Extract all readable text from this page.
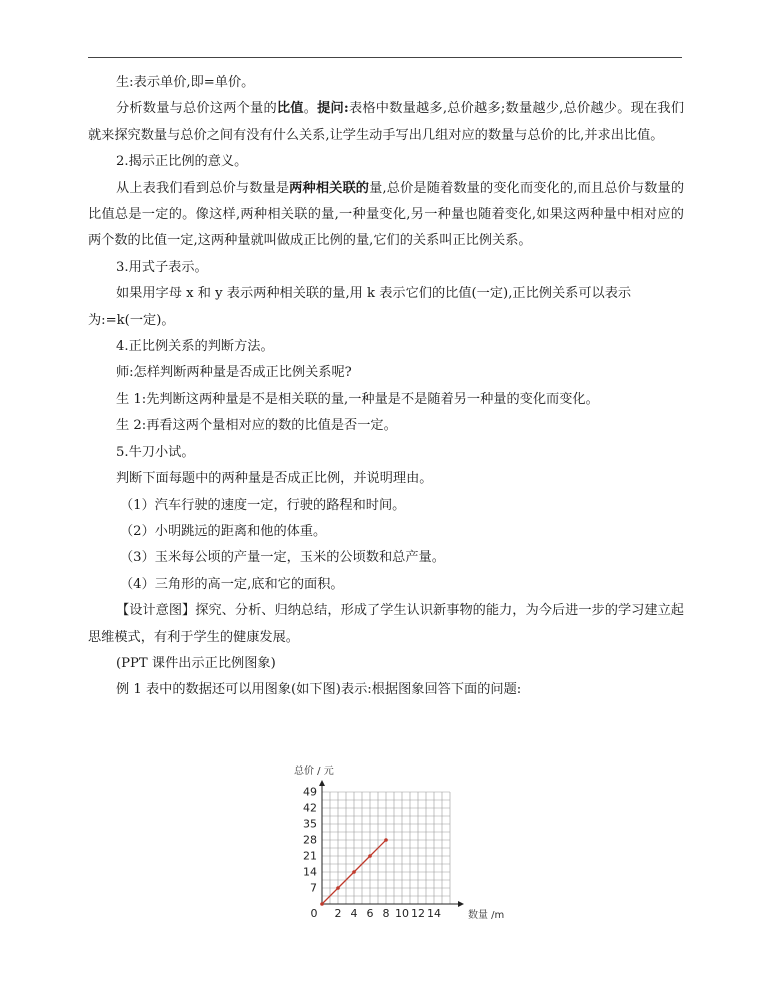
生:表示单价,即=单价。

分析数量与总价这两个量的比值。提问:表格中数量越多,总价越多;数量越少,总价越少。现在我们就来探究数量与总价之间有没有什么关系,让学生动手写出几组对应的数量与总价的比,并求出比值。

2.揭示正比例的意义。

从上表我们看到总价与数量是两种相关联的量,总价是随着数量的变化而变化的,而且总价与数量的比值总是一定的。像这样,两种相关联的量,一种量变化,另一种量也随着变化,如果这两种量中相对应的两个数的比值一定,这两种量就叫做成正比例的量,它们的关系叫正比例关系。

3.用式子表示。

如果用字母 x 和 y 表示两种相关联的量,用 k 表示它们的比值(一定),正比例关系可以表示

为:=k(一定)。

4.正比例关系的判断方法。

师:怎样判断两种量是否成正比例关系呢?

生 1:先判断这两种量是不是相关联的量,一种量是不是随着另一种量的变化而变化。

生 2:再看这两个量相对应的数的比值是否一定。

5.牛刀小试。

判断下面每题中的两种量是否成正比例，并说明理由。

（1）汽车行驶的速度一定，行驶的路程和时间。

（2）小明跳远的距离和他的体重。

（3）玉米每公顷的产量一定，玉米的公顷数和总产量。

（4）三角形的高一定,底和它的面积。

【设计意图】探究、分析、归纳总结，形成了学生认识新事物的能力，为今后进一步的学习建立起思维模式，有利于学生的健康发展。

(PPT 课件出示正比例图象)

例 1 表中的数据还可以用图象(如下图)表示:根据图象回答下面的问题:

总价 / 元
数量 /m
49
42
35
28
21
14
7
0 2 4 6 8 10 12 14
